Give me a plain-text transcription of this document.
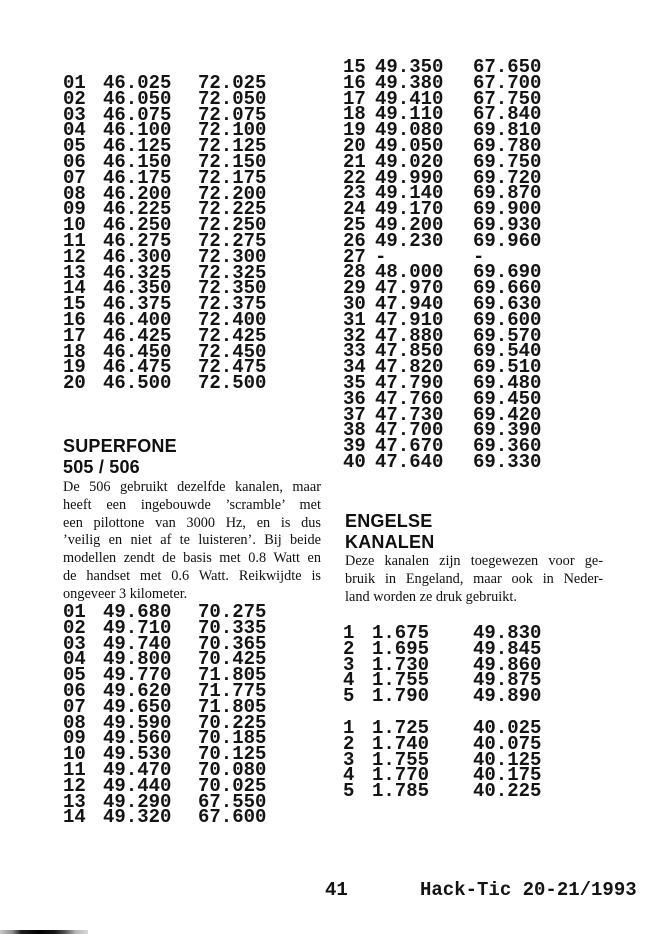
01 46.025	72.025
02 46.050	72.050
03 46.075	72.075
04 46.100	72.100
05 46.125	72.125
06 46.150	72.150
07 46.175	72.175
08 46.200	72.200
09 46.225	72.225
10 46.250	72.250
11 46.275	72.275
12 46.300	72.300
13 46.325	72.325
14 46.350	72.350
15 46.375	72.375
16 46.400	72.400
17 46.425	72.425
18 46.450	72.450
19 46.475	72.475
20 46.500	72.500
SUPERFONE
505 / 506
De 506 gebruikt dezelfde kanalen, maar
heeft een ingebouwde ’scramble’ met
een pilottone van 3000 Hz, en is dus
’veilig en niet af te luisteren’. Bij beide
modellen zendt de basis met 0.8 Watt en
de handset met 0.6 Watt. Reikwijdte is
ongeveer 3 kilometer.
01 49.680	70.275
02 49.710	70.335
03 49.740	70.365
04 49.800	70.425
05 49.770	71.805
06 49.620	71.775
07 49.650	71.805
08 49.590	70.225
09 49.560	70.185
10 49.530	70.125
11 49.470	70.080
12 49.440	70.025
13 49.290	67.550
14 49.320	67.600
15 49.350	67.650
16 49.380	67.700
17 49.410	67.750
18 49.110	67.840
19 49.080	69.810
20 49.050	69.780
21 49.020	69.750
22 49.990	69.720
23 49.140	69.870
24 49.170	69.900
25 49.200	69.930
26 49.230	69.960
27 -	-
28 48.000	69.690
29 47.970	69.660
30 47.940	69.630
31 47.910	69.600
32 47.880	69.570
33 47.850	69.540
34 47.820	69.510
35 47.790	69.480
36 47.760	69.450
37 47.730	69.420
38 47.700	69.390
39 47.670	69.360
40 47.640	69.330
ENGELSE
KANALEN
Deze kanalen zijn toegewezen voor ge-
bruik in Engeland, maar ook in Neder-
land worden ze druk gebruikt.
1 1.675	49.830
2 1.695	49.845
3 1.730	49.860
4 1.755	49.875
5 1.790	49.890
1 1.725	40.025
2 1.740	40.075
3 1.755	40.125
4 1.770	40.175
5 1.785	40.225
41	Hack-Tic 20-21/1993
